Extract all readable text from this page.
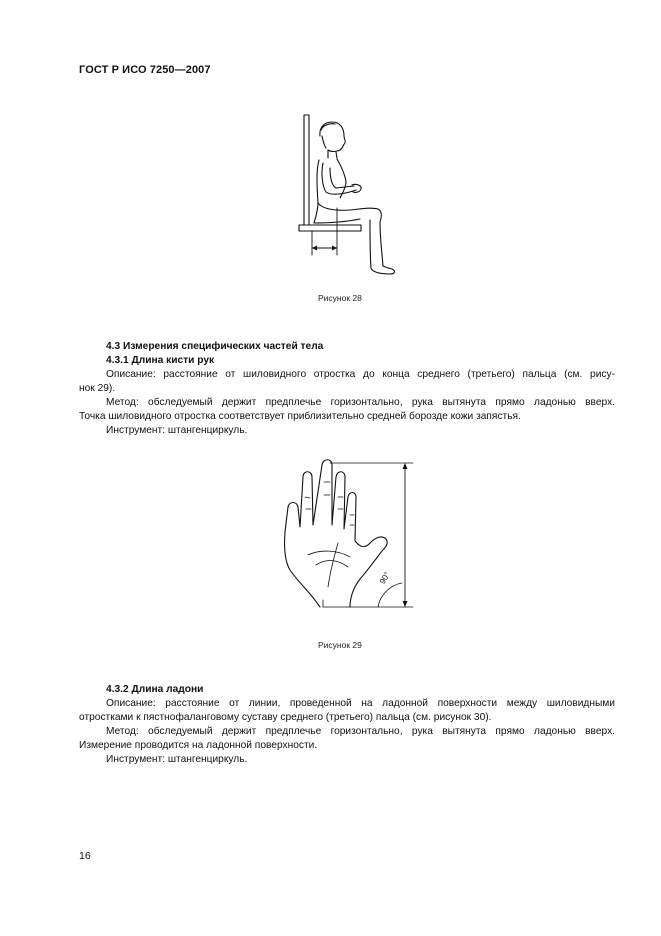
ГОСТ Р ИСО 7250—2007
Рисунок 28
4.3 Измерения специфических частей тела
4.3.1 Длина кисти рук
Описание: расстояние от шиловидного отростка до конца среднего (третьего) пальца (см. рису-
нок 29).
Метод: обследуемый держит предплечье горизонтально, рука вытянута прямо ладонью вверх.
Точка шиловидного отростка соответствует приблизительно средней борозде кожи запястья.
Инструмент: штангенциркуль.
90°
Рисунок 29
4.3.2 Длина ладони
Описание: расстояние от линии, проведенной на ладонной поверхности между шиловидными
отростками к пястнофаланговому суставу среднего (третьего) пальца (см. рисунок 30).
Метод: обследуемый держит предплечье горизонтально, рука вытянута прямо ладонью вверх.
Измерение проводится на ладонной поверхности.
Инструмент: штангенциркуль.
16
